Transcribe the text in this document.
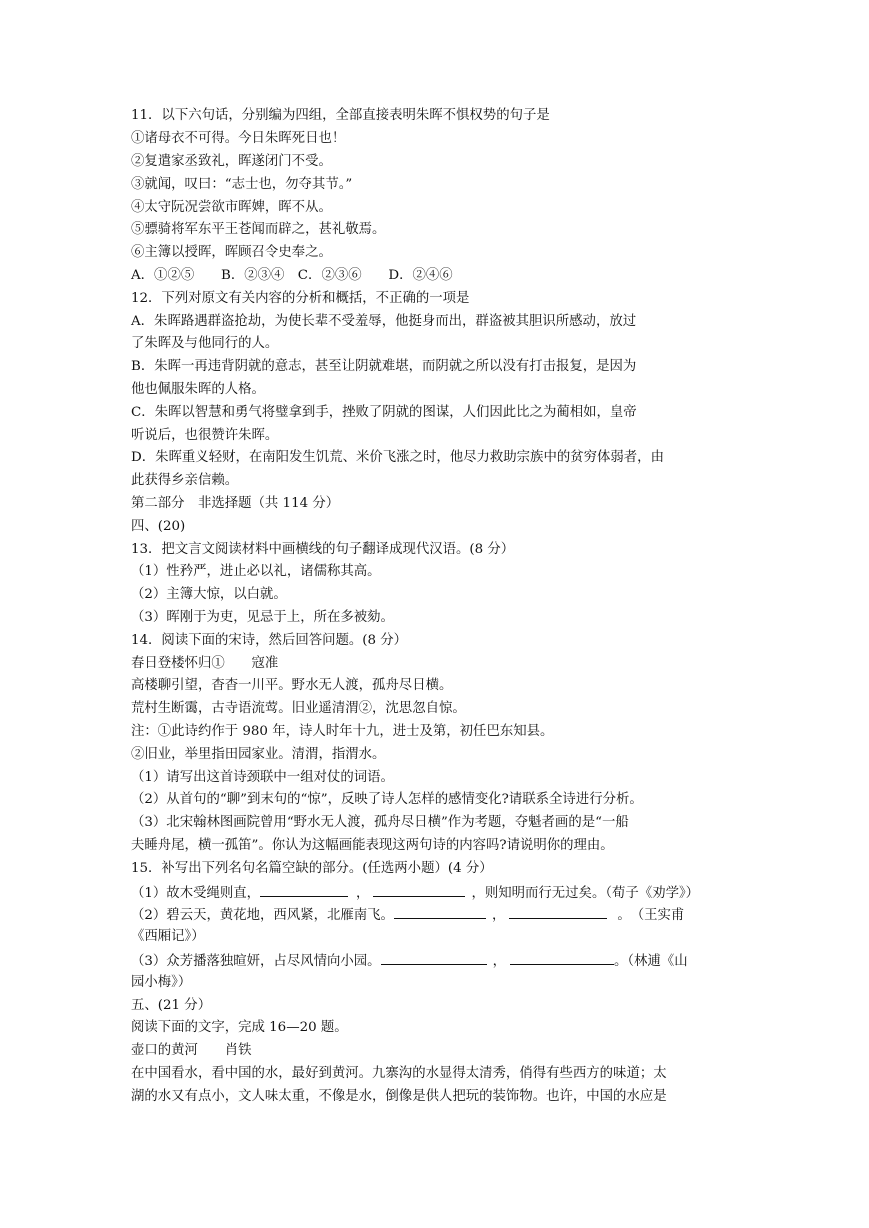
11．以下六句话，分别编为四组，全部直接表明朱晖不惧权势的句子是
①诸母衣不可得。今日朱晖死日也！
②复遣家丞致礼，晖遂闭门不受。
③就闻，叹曰：“志士也，勿夺其节。”
④太守阮况尝欲市晖婢，晖不从。
⑤骠骑将军东平王苍闻而辟之，甚礼敬焉。
⑥主簿以授晖，晖顾召令史奉之。
A．①②⑤　　B．②③④　C．②③⑥　　D．②④⑥
12．下列对原文有关内容的分析和概括，不正确的一项是
A．朱晖路遇群盗抢劫，为使长辈不受羞辱，他挺身而出，群盗被其胆识所感动，放过
了朱晖及与他同行的人。
B．朱晖一再违背阴就的意志，甚至让阴就难堪，而阴就之所以没有打击报复，是因为
他也佩服朱晖的人格。
C．朱晖以智慧和勇气将璧拿到手，挫败了阴就的图谋，人们因此比之为蔺相如，皇帝
听说后，也很赞许朱晖。
D．朱晖重义轻财，在南阳发生饥荒、米价飞涨之时，他尽力救助宗族中的贫穷体弱者，由
此获得乡亲信赖。
第二部分　非选择题（共 114 分）
四、(20)
13．把文言文阅读材料中画横线的句子翻译成现代汉语。(8 分）
（1）性矜严，进止必以礼，诸儒称其高。
（2）主簿大惊，以白就。
（3）晖刚于为吏，见忌于上，所在多被劾。
14．阅读下面的宋诗，然后回答问题。(8 分）
春日登楼怀归①　　寇准
高楼聊引望，杳杳一川平。野水无人渡，孤舟尽日横。
荒村生断霭，古寺语流莺。旧业遥清渭②，沈思忽自惊。
注：①此诗约作于 980 年，诗人时年十九，进士及第，初任巴东知县。
②旧业，举里指田园家业。清渭，指渭水。
（1）请写出这首诗颈联中一组对仗的词语。
（2）从首句的“聊”到末句的“惊”，反映了诗人怎样的感情变化?请联系全诗进行分析。
（3）北宋翰林图画院曾用“野水无人渡，孤舟尽日横”作为考题，夺魁者画的是“一船
夫睡舟尾，横一孤笛”。你认为这幅画能表现这两句诗的内容吗?请说明你的理由。
15．补写出下列名句名篇空缺的部分。(任选两小题）(4 分）
（1）故木受绳则直，	，	，则知明而行无过矣。（荀子《劝学》）
（2）碧云天，黄花地，西风紧，北雁南飞。	，	。　（王实甫
《西厢记》）
（3）众芳播落独暄妍，占尽风情向小园。	，	。（林逋《山
园小梅》）
五、(21 分）
阅读下面的文字，完成 16—20 题。
壶口的黄河　　肖铁
在中国看水，看中国的水，最好到黄河。九寨沟的水显得太清秀，俏得有些西方的味道；太
湖的水又有点小，文人味太重，不像是水，倒像是供人把玩的装饰物。也许，中国的水应是
